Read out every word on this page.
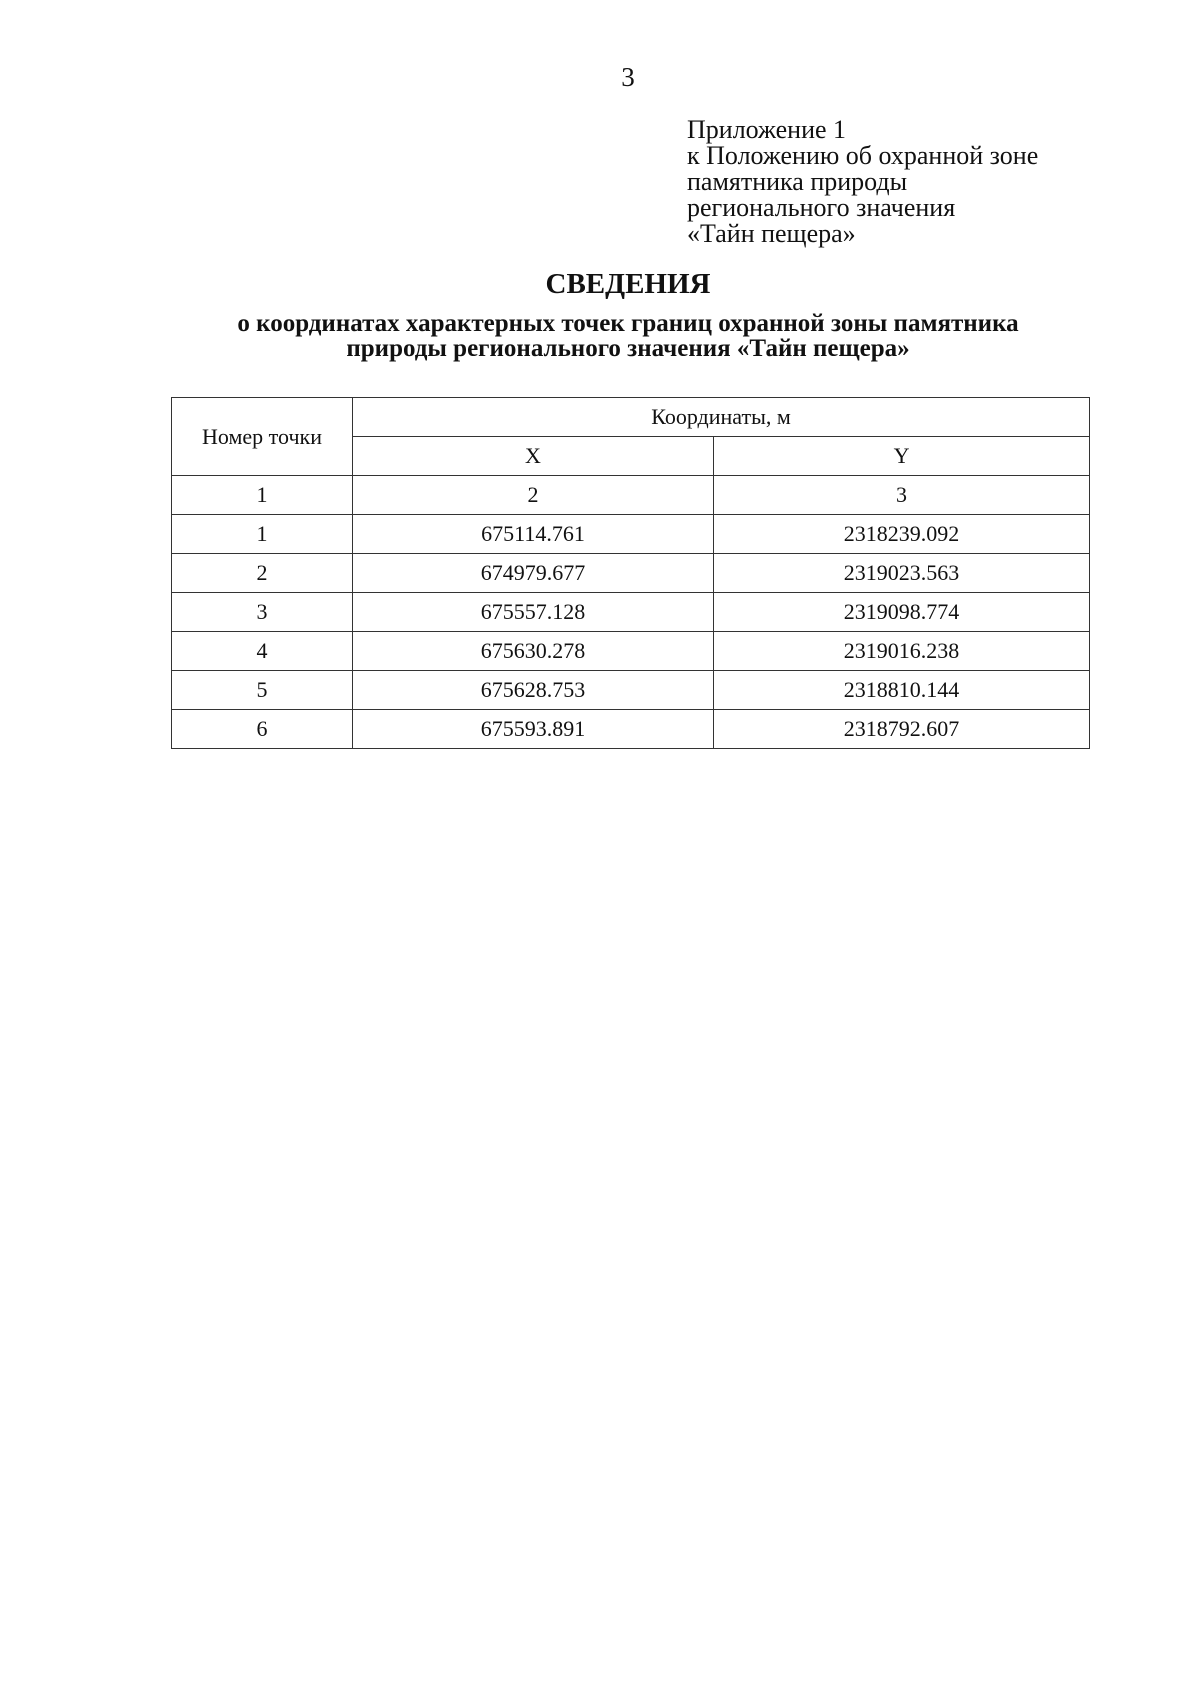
3
Приложение 1
к Положению об охранной зоне
памятника природы
регионального значения
«Тайн пещера»
СВЕДЕНИЯ
о координатах характерных точек границ охранной зоны памятника
природы регионального значения «Тайн пещера»
Номер точки	Координаты, м	
	X	Y
1	2	3
1	675114.761	2318239.092
2	674979.677	2319023.563
3	675557.128	2319098.774
4	675630.278	2319016.238
5	675628.753	2318810.144
6	675593.891	2318792.607
